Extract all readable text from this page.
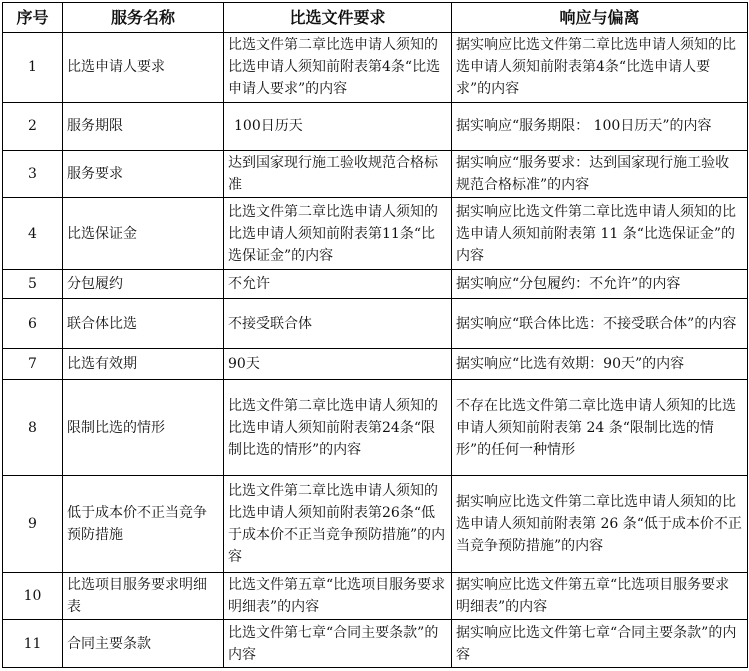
序号	服务名称	比选文件要求	响应与偏离
1	比选申请人要求	比选文件第二章比选申请人须知的比选申请人须知前附表第4条“比选申请人要求”的内容	据实响应比选文件第二章比选申请人须知的比选申请人须知前附表第4条“比选申请人要求”的内容
2	服务期限	100日历天	据实响应“服务期限： 100日历天”的内容
3	服务要求	达到国家现行施工验收规范合格标准	据实响应“服务要求：达到国家现行施工验收规范合格标准”的内容
4	比选保证金	比选文件第二章比选申请人须知的比选申请人须知前附表第11条“比选保证金”的内容	据实响应比选文件第二章比选申请人须知的比选申请人须知前附表第 11 条“比选保证金”的内容
5	分包履约	不允许	据实响应“分包履约：不允许”的内容
6	联合体比选	不接受联合体	据实响应“联合体比选：不接受联合体”的内容
7	比选有效期	90天	据实响应“比选有效期：90天”的内容
8	限制比选的情形	比选文件第二章比选申请人须知的比选申请人须知前附表第24条“限制比选的情形”的内容	不存在比选文件第二章比选申请人须知的比选申请人须知前附表第 24 条“限制比选的情形”的任何一种情形
9	低于成本价不正当竞争预防措施	比选文件第二章比选申请人须知的比选申请人须知前附表第26条“低于成本价不正当竞争预防措施”的内容	据实响应比选文件第二章比选申请人须知的比选申请人须知前附表第 26 条“低于成本价不正当竞争预防措施”的内容
10	比选项目服务要求明细表	比选文件第五章“比选项目服务要求明细表”的内容	据实响应比选文件第五章“比选项目服务要求明细表”的内容
11	合同主要条款	比选文件第七章“合同主要条款”的内容	据实响应比选文件第七章“合同主要条款”的内容
